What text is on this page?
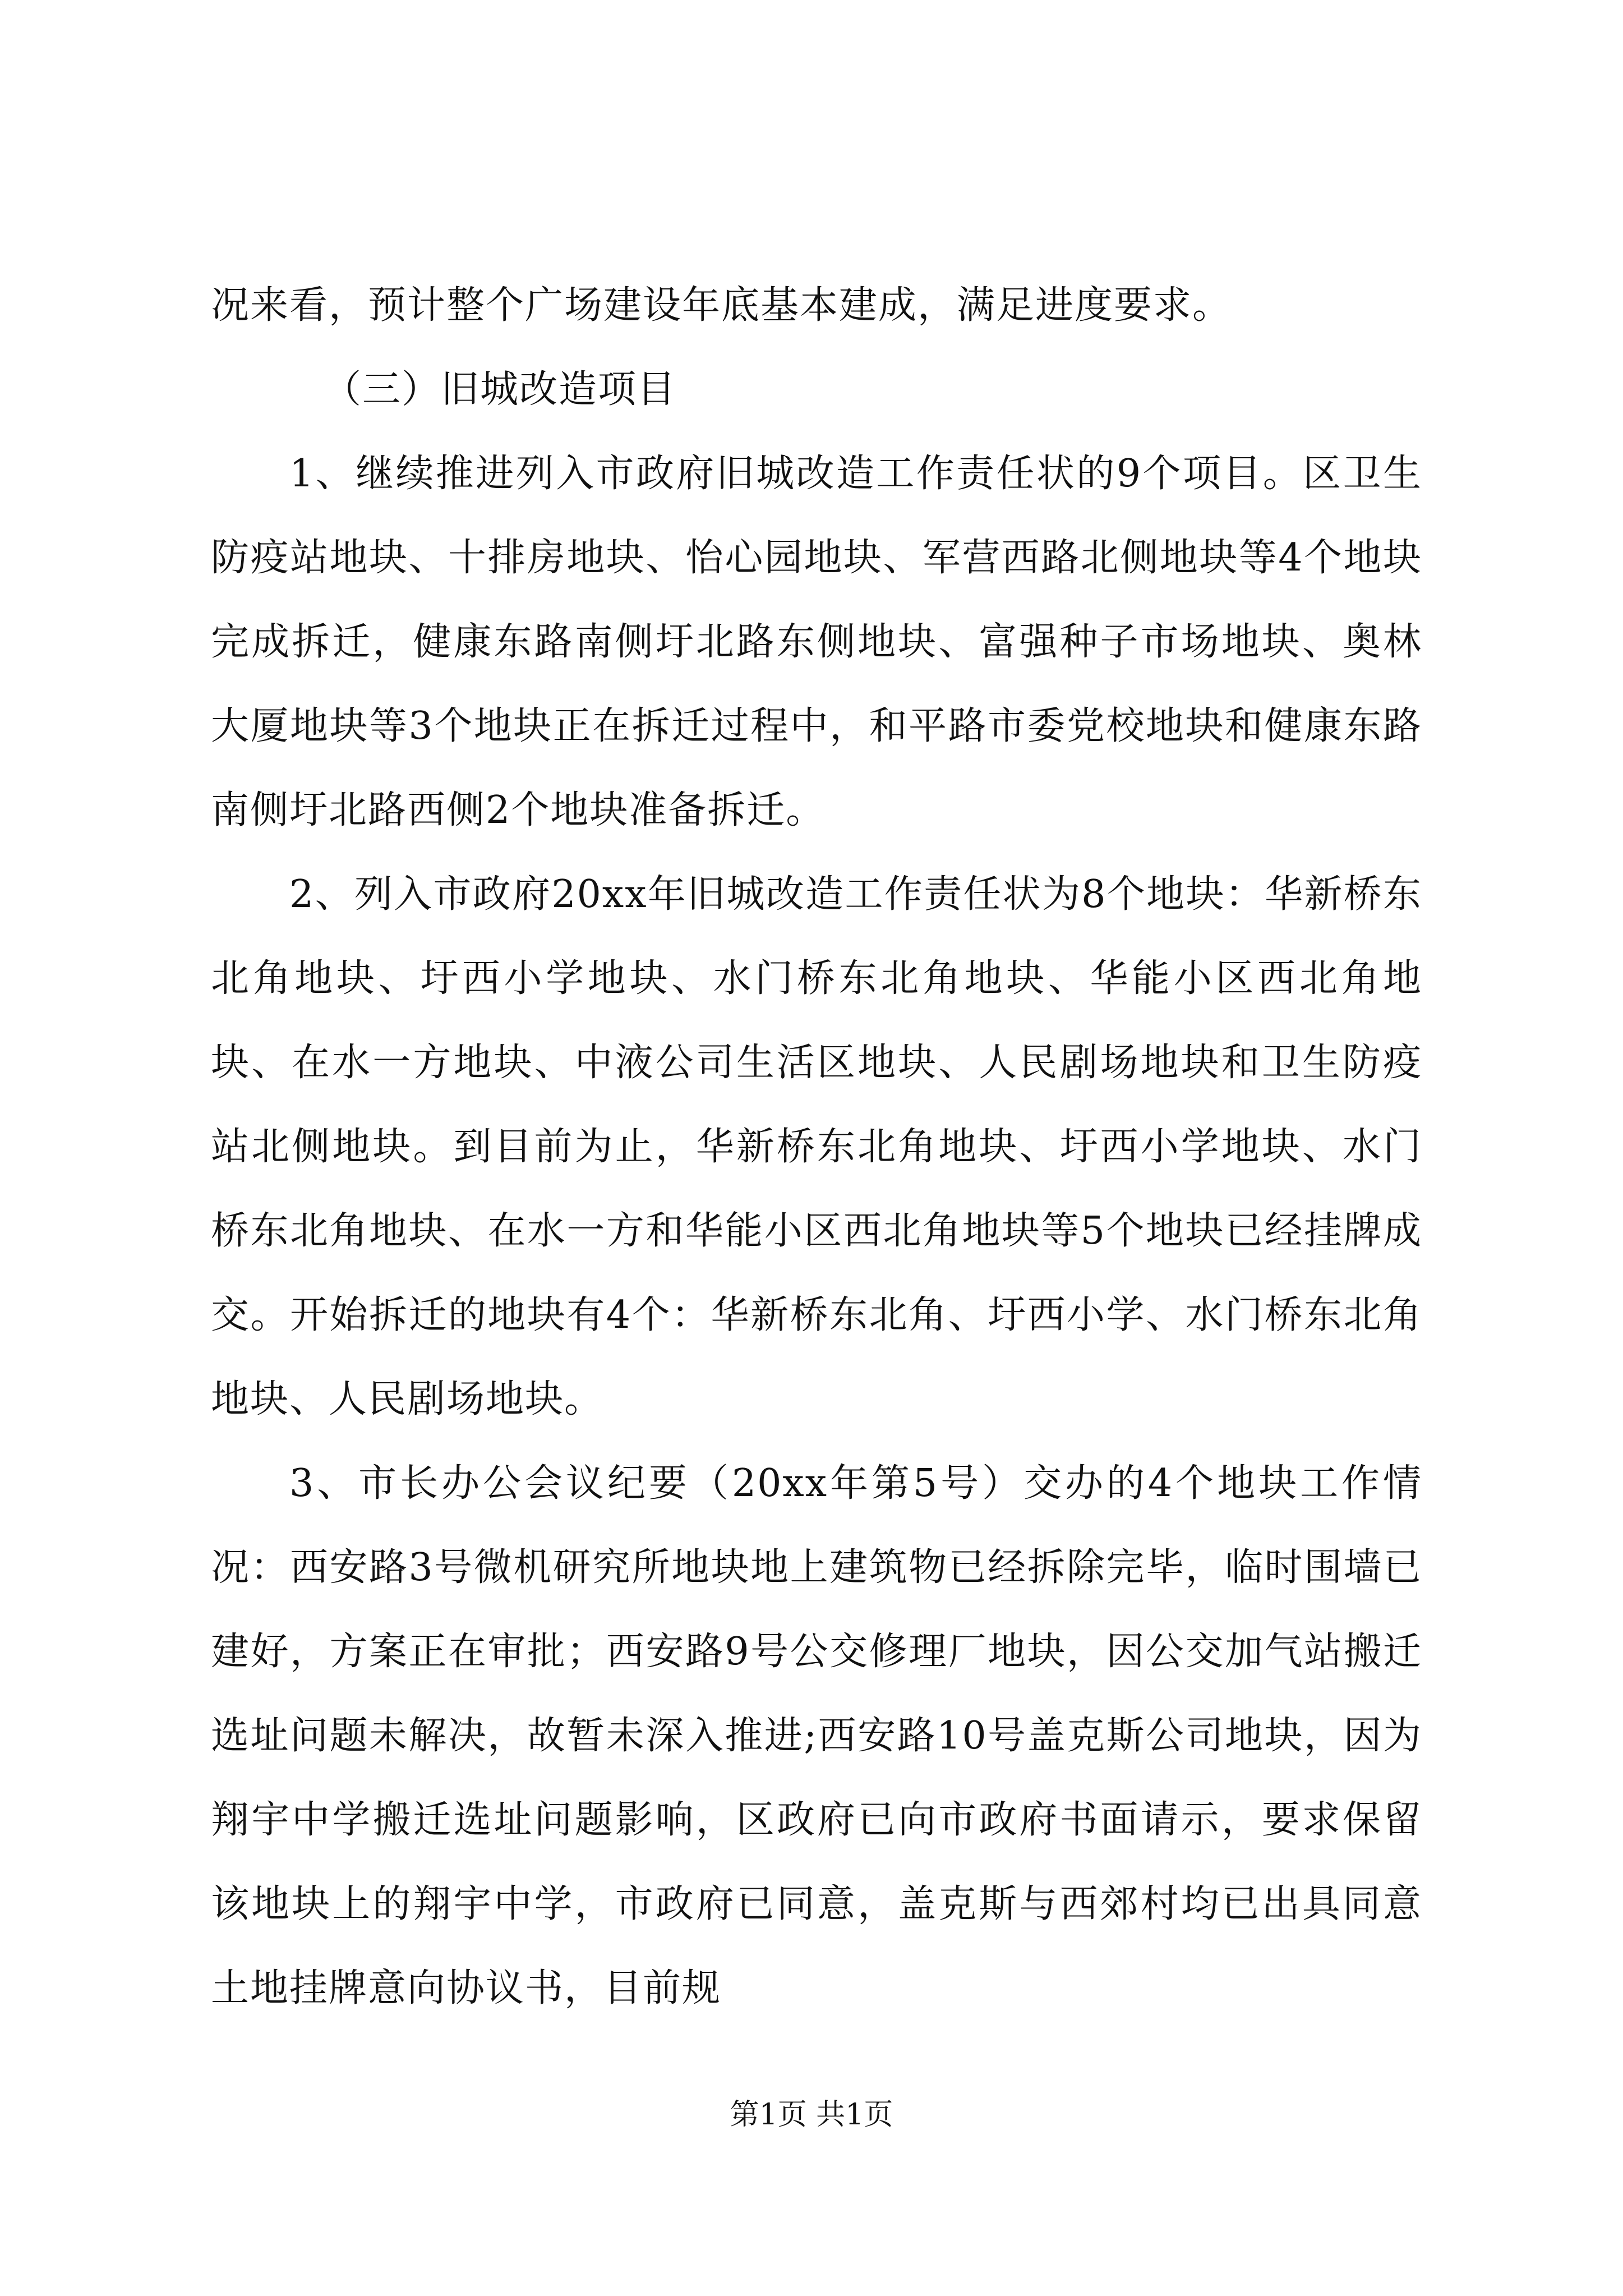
况来看，预计整个广场建设年底基本建成，满足进度要求。

（三）旧城改造项目

1、继续推进列入市政府旧城改造工作责任状的9个项目。区卫生防疫站地块、十排房地块、怡心园地块、军营西路北侧地块等4个地块完成拆迁，健康东路南侧圩北路东侧地块、富强种子市场地块、奥林大厦地块等3个地块正在拆迁过程中，和平路市委党校地块和健康东路南侧圩北路西侧2个地块准备拆迁。

2、列入市政府20xx年旧城改造工作责任状为8个地块：华新桥东北角地块、圩西小学地块、水门桥东北角地块、华能小区西北角地块、在水一方地块、中液公司生活区地块、人民剧场地块和卫生防疫站北侧地块。到目前为止，华新桥东北角地块、圩西小学地块、水门桥东北角地块、在水一方和华能小区西北角地块等5个地块已经挂牌成交。开始拆迁的地块有4个：华新桥东北角、圩西小学、水门桥东北角地块、人民剧场地块。

3、市长办公会议纪要（20xx年第5号）交办的4个地块工作情况：西安路3号微机研究所地块地上建筑物已经拆除完毕，临时围墙已建好，方案正在审批；西安路9号公交修理厂地块，因公交加气站搬迁选址问题未解决，故暂未深入推进;西安路10号盖克斯公司地块，因为翔宇中学搬迁选址问题影响，区政府已向市政府书面请示，要求保留该地块上的翔宇中学，市政府已同意，盖克斯与西郊村均已出具同意土地挂牌意向协议书，目前规

第1页 共1页
